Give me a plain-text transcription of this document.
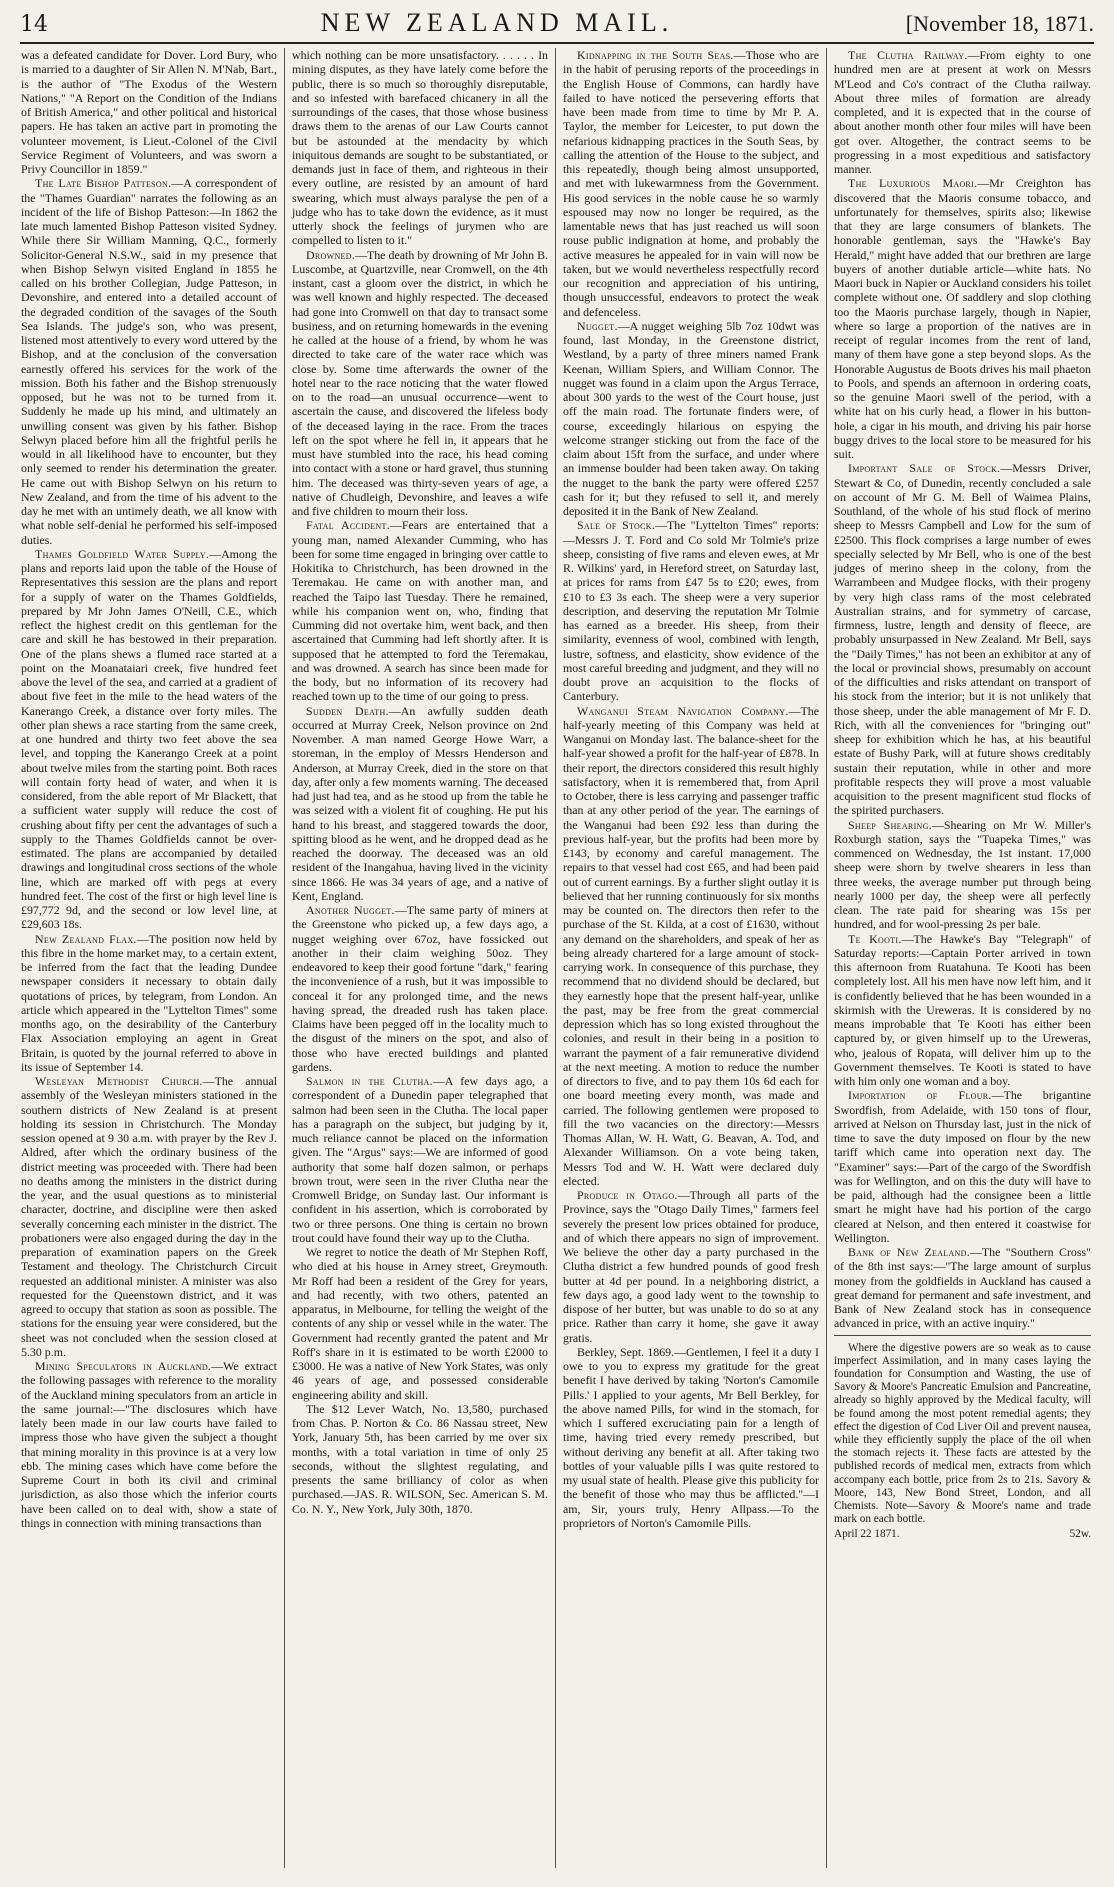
14	NEW ZEALAND MAIL.	[November 18, 1871.

was a defeated candidate for Dover. Lord Bury, who is married to a daughter of Sir Allen N. M'Nab, Bart., is the author of "The Exodus of the Western Nations," "A Report on the Condition of the Indians of British America," and other political and historical papers. He has taken an active part in promoting the volunteer movement, is Lieut.-Colonel of the Civil Service Regiment of Volunteers, and was sworn a Privy Councillor in 1859."

The Late Bishop Patteson.—A correspondent of the "Thames Guardian" narrates the following as an incident of the life of Bishop Patteson:—In 1862 the late much lamented Bishop Patteson visited Sydney. While there Sir William Manning, Q.C., formerly Solicitor-General N.S.W., said in my presence that when Bishop Selwyn visited England in 1855 he called on his brother Collegian, Judge Patteson, in Devonshire, and entered into a detailed account of the degraded condition of the savages of the South Sea Islands. The judge's son, who was present, listened most attentively to every word uttered by the Bishop, and at the conclusion of the conversation earnestly offered his services for the work of the mission. Both his father and the Bishop strenuously opposed, but he was not to be turned from it. Suddenly he made up his mind, and ultimately an unwilling consent was given by his father. Bishop Selwyn placed before him all the frightful perils he would in all likelihood have to encounter, but they only seemed to render his determination the greater. He came out with Bishop Selwyn on his return to New Zealand, and from the time of his advent to the day he met with an untimely death, we all know with what noble self-denial he performed his self-imposed duties.

Thames Goldfield Water Supply.—Among the plans and reports laid upon the table of the House of Representatives this session are the plans and report for a supply of water on the Thames Goldfields, prepared by Mr John James O'Neill, C.E., which reflect the highest credit on this gentleman for the care and skill he has bestowed in their preparation. One of the plans shews a flumed race started at a point on the Moanataiari creek, five hundred feet above the level of the sea, and carried at a gradient of about five feet in the mile to the head waters of the Kanerango Creek, a distance over forty miles. The other plan shews a race starting from the same creek, at one hundred and thirty two feet above the sea level, and topping the Kanerango Creek at a point about twelve miles from the starting point. Both races will contain forty head of water, and when it is considered, from the able report of Mr Blackett, that a sufficient water supply will reduce the cost of crushing about fifty per cent the advantages of such a supply to the Thames Goldfields cannot be over-estimated. The plans are accompanied by detailed drawings and longitudinal cross sections of the whole line, which are marked off with pegs at every hundred feet. The cost of the first or high level line is £97,772 9d, and the second or low level line, at £29,603 18s.

New Zealand Flax.—The position now held by this fibre in the home market may, to a certain extent, be inferred from the fact that the leading Dundee newspaper considers it necessary to obtain daily quotations of prices, by telegram, from London. An article which appeared in the "Lyttelton Times" some months ago, on the desirability of the Canterbury Flax Association employing an agent in Great Britain, is quoted by the journal referred to above in its issue of September 14.

Wesleyan Methodist Church.—The annual assembly of the Wesleyan ministers stationed in the southern districts of New Zealand is at present holding its session in Christchurch. The Monday session opened at 9 30 a.m. with prayer by the Rev J. Aldred, after which the ordinary business of the district meeting was proceeded with. There had been no deaths among the ministers in the district during the year, and the usual questions as to ministerial character, doctrine, and discipline were then asked severally concerning each minister in the district. The probationers were also engaged during the day in the preparation of examination papers on the Greek Testament and theology. The Christchurch Circuit requested an additional minister. A minister was also requested for the Queenstown district, and it was agreed to occupy that station as soon as possible. The stations for the ensuing year were considered, but the sheet was not concluded when the session closed at 5.30 p.m.

Mining Speculators in Auckland.—We extract the following passages with reference to the morality of the Auckland mining speculators from an article in the same journal:—"The disclosures which have lately been made in our law courts have failed to impress those who have given the subject a thought that mining morality in this province is at a very low ebb. The mining cases which have come before the Supreme Court in both its civil and criminal jurisdiction, as also those which the inferior courts have been called on to deal with, show a state of things in connection with mining transactions than

which nothing can be more unsatisfactory. . . . . . In mining disputes, as they have lately come before the public, there is so much so thoroughly disreputable, and so infested with barefaced chicanery in all the surroundings of the cases, that those whose business draws them to the arenas of our Law Courts cannot but be astounded at the mendacity by which iniquitous demands are sought to be substantiated, or demands just in face of them, and righteous in their every outline, are resisted by an amount of hard swearing, which must always paralyse the pen of a judge who has to take down the evidence, as it must utterly shock the feelings of jurymen who are compelled to listen to it."

Drowned.—The death by drowning of Mr John B. Luscombe, at Quartzville, near Cromwell, on the 4th instant, cast a gloom over the district, in which he was well known and highly respected. The deceased had gone into Cromwell on that day to transact some business, and on returning homewards in the evening he called at the house of a friend, by whom he was directed to take care of the water race which was close by. Some time afterwards the owner of the hotel near to the race noticing that the water flowed on to the road—an unusual occurrence—went to ascertain the cause, and discovered the lifeless body of the deceased laying in the race. From the traces left on the spot where he fell in, it appears that he must have stumbled into the race, his head coming into contact with a stone or hard gravel, thus stunning him. The deceased was thirty-seven years of age, a native of Chudleigh, Devonshire, and leaves a wife and five children to mourn their loss.

Fatal Accident.—Fears are entertained that a young man, named Alexander Cumming, who has been for some time engaged in bringing over cattle to Hokitika to Christchurch, has been drowned in the Teremakau. He came on with another man, and reached the Taipo last Tuesday. There he remained, while his companion went on, who, finding that Cumming did not overtake him, went back, and then ascertained that Cumming had left shortly after. It is supposed that he attempted to ford the Teremakau, and was drowned. A search has since been made for the body, but no information of its recovery had reached town up to the time of our going to press.

Sudden Death.—An awfully sudden death occurred at Murray Creek, Nelson province on 2nd November. A man named George Howe Warr, a storeman, in the employ of Messrs Henderson and Anderson, at Murray Creek, died in the store on that day, after only a few moments warning. The deceased had just had tea, and as he stood up from the table he was seized with a violent fit of coughing. He put his hand to his breast, and staggered towards the door, spitting blood as he went, and he dropped dead as he reached the doorway. The deceased was an old resident of the Inangahua, having lived in the vicinity since 1866. He was 34 years of age, and a native of Kent, England.

Another Nugget.—The same party of miners at the Greenstone who picked up, a few days ago, a nugget weighing over 67oz, have fossicked out another in their claim weighing 50oz. They endeavored to keep their good fortune "dark," fearing the inconvenience of a rush, but it was impossible to conceal it for any prolonged time, and the news having spread, the dreaded rush has taken place. Claims have been pegged off in the locality much to the disgust of the miners on the spot, and also of those who have erected buildings and planted gardens.

Salmon in the Clutha.—A few days ago, a correspondent of a Dunedin paper telegraphed that salmon had been seen in the Clutha. The local paper has a paragraph on the subject, but judging by it, much reliance cannot be placed on the information given. The "Argus" says:—We are informed of good authority that some half dozen salmon, or perhaps brown trout, were seen in the river Clutha near the Cromwell Bridge, on Sunday last. Our informant is confident in his assertion, which is corroborated by two or three persons. One thing is certain no brown trout could have found their way up to the Clutha.

We regret to notice the death of Mr Stephen Roff, who died at his house in Arney street, Greymouth. Mr Roff had been a resident of the Grey for years, and had recently, with two others, patented an apparatus, in Melbourne, for telling the weight of the contents of any ship or vessel while in the water. The Government had recently granted the patent and Mr Roff's share in it is estimated to be worth £2000 to £3000. He was a native of New York States, was only 46 years of age, and possessed considerable engineering ability and skill.

The $12 Lever Watch, No. 13,580, purchased from Chas. P. Norton & Co. 86 Nassau street, New York, January 5th, has been carried by me over six months, with a total variation in time of only 25 seconds, without the slightest regulating, and presents the same brilliancy of color as when purchased.—JAS. R. WILSON, Sec. American S. M. Co. N. Y., New York, July 30th, 1870.

Kidnapping in the South Seas.—Those who are in the habit of perusing reports of the proceedings in the English House of Commons, can hardly have failed to have noticed the persevering efforts that have been made from time to time by Mr P. A. Taylor, the member for Leicester, to put down the nefarious kidnapping practices in the South Seas, by calling the attention of the House to the subject, and this repeatedly, though being almost unsupported, and met with lukewarmness from the Government. His good services in the noble cause he so warmly espoused may now no longer be required, as the lamentable news that has just reached us will soon rouse public indignation at home, and probably the active measures he appealed for in vain will now be taken, but we would nevertheless respectfully record our recognition and appreciation of his untiring, though unsuccessful, endeavors to protect the weak and defenceless.

Nugget.—A nugget weighing 5lb 7oz 10dwt was found, last Monday, in the Greenstone district, Westland, by a party of three miners named Frank Keenan, William Spiers, and William Connor. The nugget was found in a claim upon the Argus Terrace, about 300 yards to the west of the Court house, just off the main road. The fortunate finders were, of course, exceedingly hilarious on espying the welcome stranger sticking out from the face of the claim about 15ft from the surface, and under where an immense boulder had been taken away. On taking the nugget to the bank the party were offered £257 cash for it; but they refused to sell it, and merely deposited it in the Bank of New Zealand.

Sale of Stock.—The "Lyttelton Times" reports:—Messrs J. T. Ford and Co sold Mr Tolmie's prize sheep, consisting of five rams and eleven ewes, at Mr R. Wilkins' yard, in Hereford street, on Saturday last, at prices for rams from £47 5s to £20; ewes, from £10 to £3 3s each. The sheep were a very superior description, and deserving the reputation Mr Tolmie has earned as a breeder. His sheep, from their similarity, evenness of wool, combined with length, lustre, softness, and elasticity, show evidence of the most careful breeding and judgment, and they will no doubt prove an acquisition to the flocks of Canterbury.

Wanganui Steam Navigation Company.—The half-yearly meeting of this Company was held at Wanganui on Monday last. The balance-sheet for the half-year showed a profit for the half-year of £878. In their report, the directors considered this result highly satisfactory, when it is remembered that, from April to October, there is less carrying and passenger traffic than at any other period of the year. The earnings of the Wanganui had been £92 less than during the previous half-year, but the profits had been more by £143, by economy and careful management. The repairs to that vessel had cost £65, and had been paid out of current earnings. By a further slight outlay it is believed that her running continuously for six months may be counted on. The directors then refer to the purchase of the St. Kilda, at a cost of £1630, without any demand on the shareholders, and speak of her as being already chartered for a large amount of stock-carrying work. In consequence of this purchase, they recommend that no dividend should be declared, but they earnestly hope that the present half-year, unlike the past, may be free from the great commercial depression which has so long existed throughout the colonies, and result in their being in a position to warrant the payment of a fair remunerative dividend at the next meeting. A motion to reduce the number of directors to five, and to pay them 10s 6d each for one board meeting every month, was made and carried. The following gentlemen were proposed to fill the two vacancies on the directory:—Messrs Thomas Allan, W. H. Watt, G. Beavan, A. Tod, and Alexander Williamson. On a vote being taken, Messrs Tod and W. H. Watt were declared duly elected.

Produce in Otago.—Through all parts of the Province, says the "Otago Daily Times," farmers feel severely the present low prices obtained for produce, and of which there appears no sign of improvement. We believe the other day a party purchased in the Clutha district a few hundred pounds of good fresh butter at 4d per pound. In a neighboring district, a few days ago, a good lady went to the township to dispose of her butter, but was unable to do so at any price. Rather than carry it home, she gave it away gratis.

Berkley, Sept. 1869.—Gentlemen, I feel it a duty I owe to you to express my gratitude for the great benefit I have derived by taking 'Norton's Camomile Pills.' I applied to your agents, Mr Bell Berkley, for the above named Pills, for wind in the stomach, for which I suffered excruciating pain for a length of time, having tried every remedy prescribed, but without deriving any benefit at all. After taking two bottles of your valuable pills I was quite restored to my usual state of health. Please give this publicity for the benefit of those who may thus be afflicted."—I am, Sir, yours truly, Henry Allpass.—To the proprietors of Norton's Camomile Pills.

The Clutha Railway.—From eighty to one hundred men are at present at work on Messrs M'Leod and Co's contract of the Clutha railway. About three miles of formation are already completed, and it is expected that in the course of about another month other four miles will have been got over. Altogether, the contract seems to be progressing in a most expeditious and satisfactory manner.

The Luxurious Maori.—Mr Creighton has discovered that the Maoris consume tobacco, and unfortunately for themselves, spirits also; likewise that they are large consumers of blankets. The honorable gentleman, says the "Hawke's Bay Herald," might have added that our brethren are large buyers of another dutiable article—white hats. No Maori buck in Napier or Auckland considers his toilet complete without one. Of saddlery and slop clothing too the Maoris purchase largely, though in Napier, where so large a proportion of the natives are in receipt of regular incomes from the rent of land, many of them have gone a step beyond slops. As the Honorable Augustus de Boots drives his mail phaeton to Pools, and spends an afternoon in ordering coats, so the genuine Maori swell of the period, with a white hat on his curly head, a flower in his button-hole, a cigar in his mouth, and driving his pair horse buggy drives to the local store to be measured for his suit.

Important Sale of Stock.—Messrs Driver, Stewart & Co, of Dunedin, recently concluded a sale on account of Mr G. M. Bell of Waimea Plains, Southland, of the whole of his stud flock of merino sheep to Messrs Campbell and Low for the sum of £2500. This flock comprises a large number of ewes specially selected by Mr Bell, who is one of the best judges of merino sheep in the colony, from the Warrambeen and Mudgee flocks, with their progeny by very high class rams of the most celebrated Australian strains, and for symmetry of carcase, firmness, lustre, length and density of fleece, are probably unsurpassed in New Zealand. Mr Bell, says the "Daily Times," has not been an exhibitor at any of the local or provincial shows, presumably on account of the difficulties and risks attendant on transport of his stock from the interior; but it is not unlikely that those sheep, under the able management of Mr F. D. Rich, with all the conveniences for "bringing out" sheep for exhibition which he has, at his beautiful estate of Bushy Park, will at future shows creditably sustain their reputation, while in other and more profitable respects they will prove a most valuable acquisition to the present magnificent stud flocks of the spirited purchasers.

Sheep Shearing.—Shearing on Mr W. Miller's Roxburgh station, says the "Tuapeka Times," was commenced on Wednesday, the 1st instant. 17,000 sheep were shorn by twelve shearers in less than three weeks, the average number put through being nearly 1000 per day, the sheep were all perfectly clean. The rate paid for shearing was 15s per hundred, and for wool-pressing 2s per bale.

Te Kooti.—The Hawke's Bay "Telegraph" of Saturday reports:—Captain Porter arrived in town this afternoon from Ruatahuna. Te Kooti has been completely lost. All his men have now left him, and it is confidently believed that he has been wounded in a skirmish with the Ureweras. It is considered by no means improbable that Te Kooti has either been captured by, or given himself up to the Ureweras, who, jealous of Ropata, will deliver him up to the Government themselves. Te Kooti is stated to have with him only one woman and a boy.

Importation of Flour.—The brigantine Swordfish, from Adelaide, with 150 tons of flour, arrived at Nelson on Thursday last, just in the nick of time to save the duty imposed on flour by the new tariff which came into operation next day. The "Examiner" says:—Part of the cargo of the Swordfish was for Wellington, and on this the duty will have to be paid, although had the consignee been a little smart he might have had his portion of the cargo cleared at Nelson, and then entered it coastwise for Wellington.

Bank of New Zealand.—The "Southern Cross" of the 8th inst says:—"The large amount of surplus money from the goldfields in Auckland has caused a great demand for permanent and safe investment, and Bank of New Zealand stock has in consequence advanced in price, with an active inquiry."

Where the digestive powers are so weak as to cause imperfect Assimilation, and in many cases laying the foundation for Consumption and Wasting, the use of Savory & Moore's Pancreatic Emulsion and Pancreatine, already so highly approved by the Medical faculty, will be found among the most potent remedial agents; they effect the digestion of Cod Liver Oil and prevent nausea, while they efficiently supply the place of the oil when the stomach rejects it. These facts are attested by the published records of medical men, extracts from which accompany each bottle, price from 2s to 21s. Savory & Moore, 143, New Bond Street, London, and all Chemists. Note—Savory & Moore's name and trade mark on each bottle.

April 22 1871.	52w.
